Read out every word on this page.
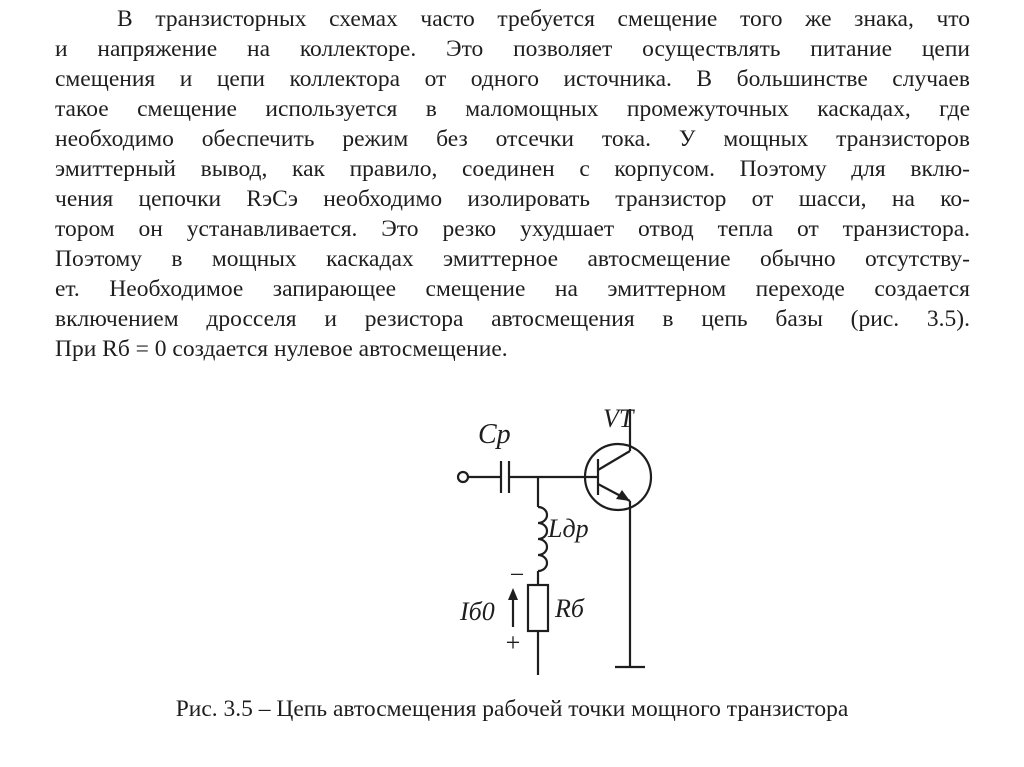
В транзисторных схемах часто требуется смещение того же знака, что
и напряжение на коллекторе. Это позволяет осуществлять питание цепи
смещения и цепи коллектора от одного источника. В большинстве случаев
такое смещение используется в маломощных промежуточных каскадах, где
необходимо обеспечить режим без отсечки тока. У мощных транзисторов
эмиттерный вывод, как правило, соединен с корпусом. Поэтому для вклю-
чения цепочки RэCэ необходимо изолировать транзистор от шасси, на ко-
тором он устанавливается. Это резко ухудшает отвод тепла от транзистора.
Поэтому в мощных каскадах эмиттерное автосмещение обычно отсутству-
ет. Необходимое запирающее смещение на эмиттерном переходе создается
включением дросселя и резистора автосмещения в цепь базы (рис. 3.5).
При Rб = 0 создается нулевое автосмещение.
Cр
VT
Lдр
Rб
Iб0
−
+
Рис. 3.5 – Цепь автосмещения рабочей точки мощного транзистора
